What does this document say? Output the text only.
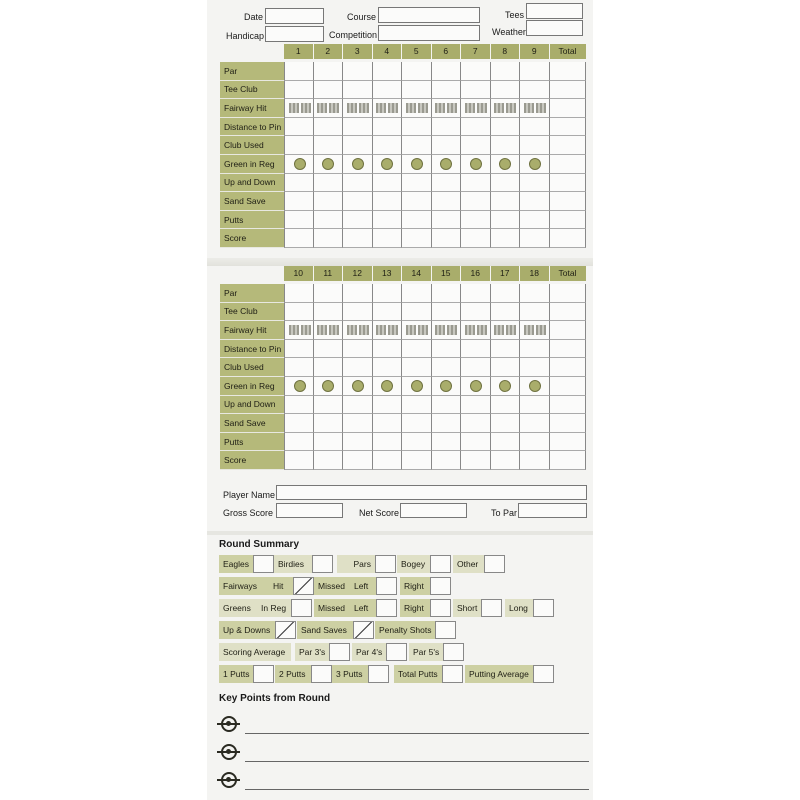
Date	Course	Tees
Handicap	Competition	Weather
1	2	3	4	5	6	7	8	9	Total
Par
Tee Club
Fairway Hit
Distance to Pin
Club Used
Green in Reg
Up and Down
Sand Save
Putts
Score
10	11	12	13	14	15	16	17	18	Total
Par
Tee Club
Fairway Hit
Distance to Pin
Club Used
Green in Reg
Up and Down
Sand Save
Putts
Score
Player Name
Gross Score	Net Score	To Par
Round Summary
Eagles	Birdies	Pars	Bogey	Other
Fairways	Hit	Missed	Left	Right
Greens	In Reg	Missed	Left	Right	Short	Long
Up & Downs	Sand Saves	Penalty Shots
Scoring Average	Par 3's	Par 4's	Par 5's
1 Putts	2 Putts	3 Putts	Total Putts	Putting Average
Key Points from Round
